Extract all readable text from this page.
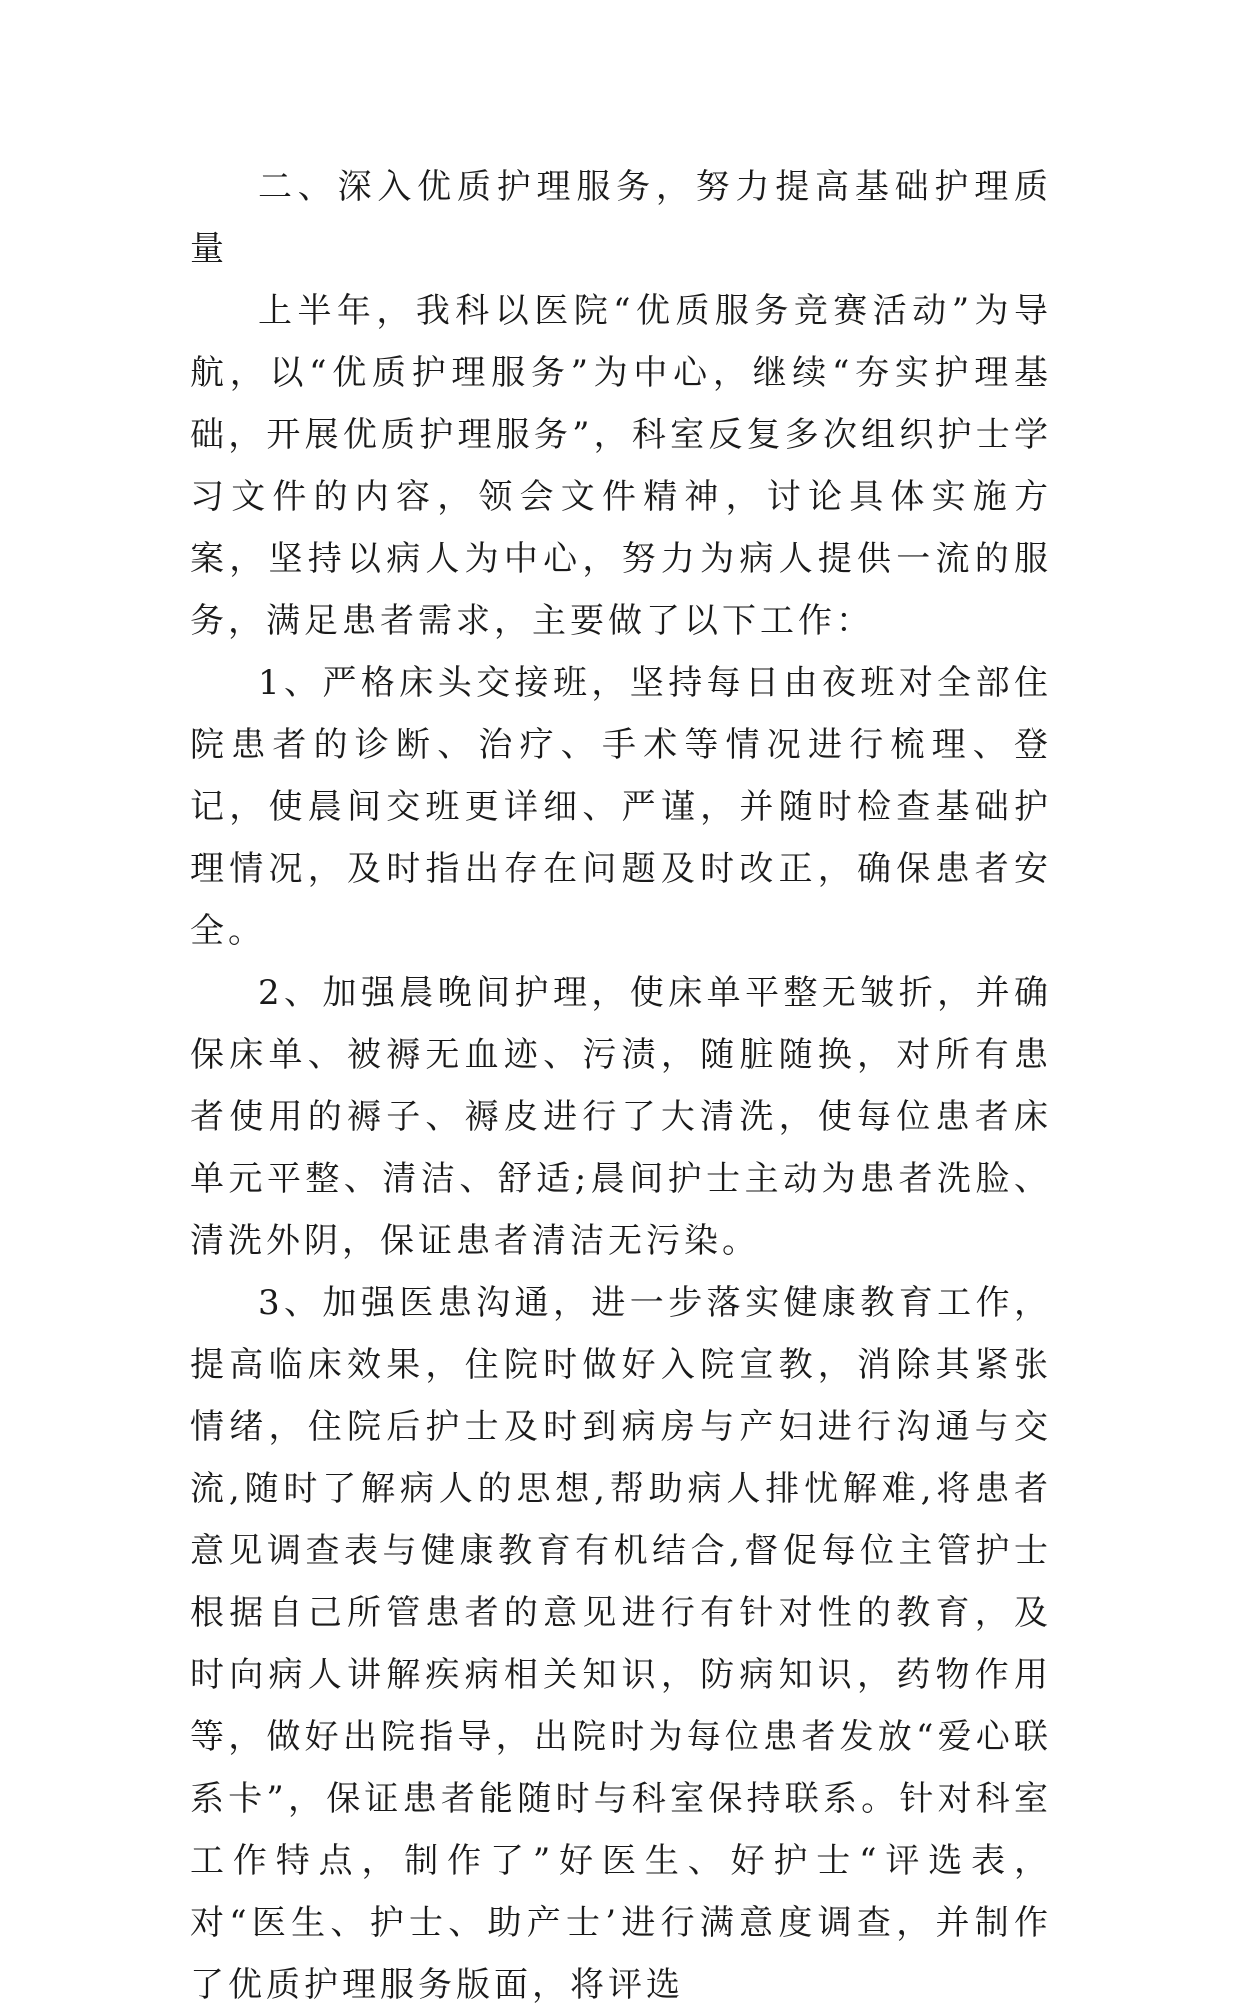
二、深入优质护理服务，努力提高基础护理质量

上半年，我科以医院“优质服务竞赛活动”为导航，以“优质护理服务”为中心，继续“夯实护理基础，开展优质护理服务”，科室反复多次组织护士学习文件的内容，领会文件精神，讨论具体实施方案，坚持以病人为中心，努力为病人提供一流的服务，满足患者需求，主要做了以下工作：

1、严格床头交接班，坚持每日由夜班对全部住院患者的诊断、治疗、手术等情况进行梳理、登记，使晨间交班更详细、严谨，并随时检查基础护理情况，及时指出存在问题及时改正，确保患者安全。

2、加强晨晚间护理，使床单平整无皱折，并确保床单、被褥无血迹、污渍，随脏随换，对所有患者使用的褥子、褥皮进行了大清洗，使每位患者床单元平整、清洁、舒适;晨间护士主动为患者洗脸、清洗外阴，保证患者清洁无污染。

3、加强医患沟通，进一步落实健康教育工作，提高临床效果，住院时做好入院宣教，消除其紧张情绪，住院后护士及时到病房与产妇进行沟通与交流,随时了解病人的思想,帮助病人排忧解难,将患者意见调查表与健康教育有机结合,督促每位主管护士根据自己所管患者的意见进行有针对性的教育，及时向病人讲解疾病相关知识，防病知识，药物作用等，做好出院指导，出院时为每位患者发放“爱心联系卡”，保证患者能随时与科室保持联系。针对科室工作特点，制作了”好医生、好护士“评选表，对“医生、护士、助产士’进行满意度调查，并制作了优质护理服务版面，将评选
